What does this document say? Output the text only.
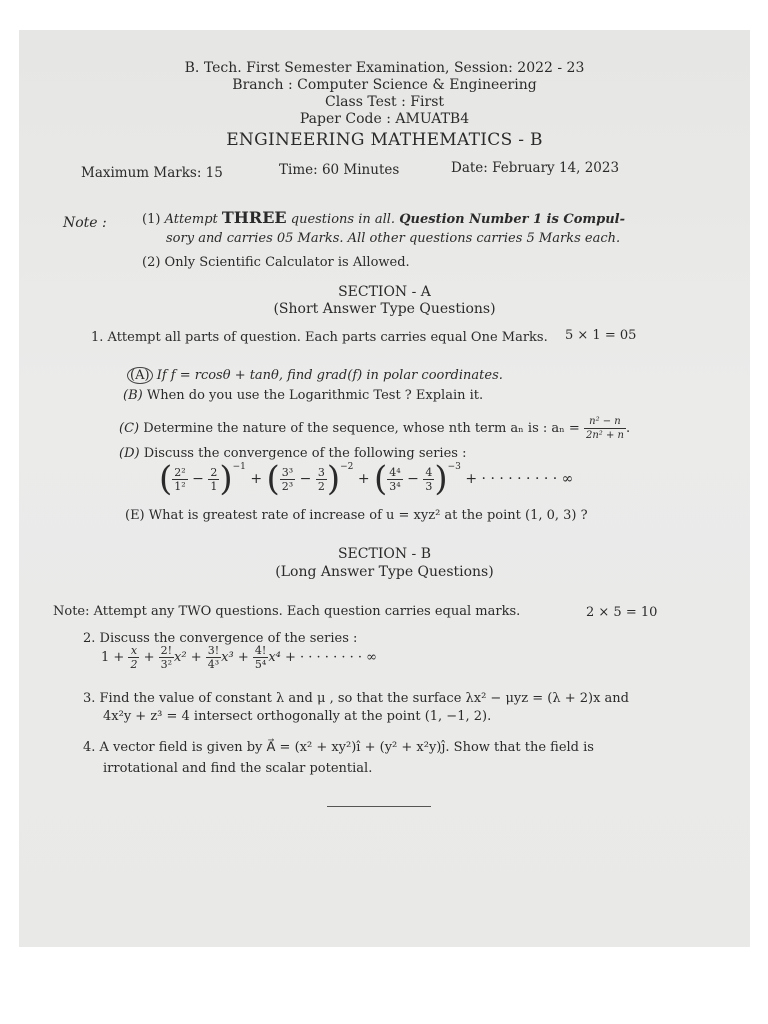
B. Tech. First Semester Examination, Session: 2022 - 23
Branch : Computer Science & Engineering
Class Test : First
Paper Code : AMUATB4
ENGINEERING MATHEMATICS - B
Maximum Marks: 15	Time: 60 Minutes	Date: February 14, 2023
Note :	(1) Attempt THREE questions in all. Question Number 1 is Compul-
sory and carries 05 Marks. All other questions carries 5 Marks each.
(2) Only Scientific Calculator is Allowed.
SECTION - A
(Short Answer Type Questions)
1. Attempt all parts of question. Each parts carries equal One Marks. 5 × 1 = 05
(A) If f = rcosθ + tanθ, find grad(f) in polar coordinates.
(B) When do you use the Logarithmic Test ? Explain it.
(C) Determine the nature of the sequence, whose nth term aₙ is : $a_n = \frac{\text{n² − n}}{\text{2n² + n}}$ .
(D) Discuss the convergence of the following series :
( $\frac{\text{2²}}{\text{1²}} - \frac{2}{1} )^{-1}$ + ( $\frac{\text{3³}}{\text{2³}} - \frac{3}{2} )^{-2}$ + ( $\frac{\text{4⁴}}{\text{3⁴}} - \frac{4}{3} )^{-3}$ + · · · · · · · · · ∞
(E) What is greatest rate of increase of u = xyz² at the point (1, 0, 3) ?
SECTION - B
(Long Answer Type Questions)
Note: Attempt any TWO questions. Each question carries equal marks.	2 × 5 = 10
2. Discuss the convergence of the series :
$1 + \frac{x}{2} + \frac{2!}{\text{3²}} x^2 + \frac{3!}{\text{4³}} x^3 + \frac{4!}{\text{5⁴}} x^4$ + · · · · · · · · ∞
3. Find the value of constant λ and μ , so that the surface λx² − μyz = (λ + 2)x and
4x²y + z³ = 4 intersect orthogonally at the point (1, −1, 2).
4. A vector field is given by A⃗ = (x² + xy²)î + (y² + x²y)ĵ. Show that the field is
irrotational and find the scalar potential.
